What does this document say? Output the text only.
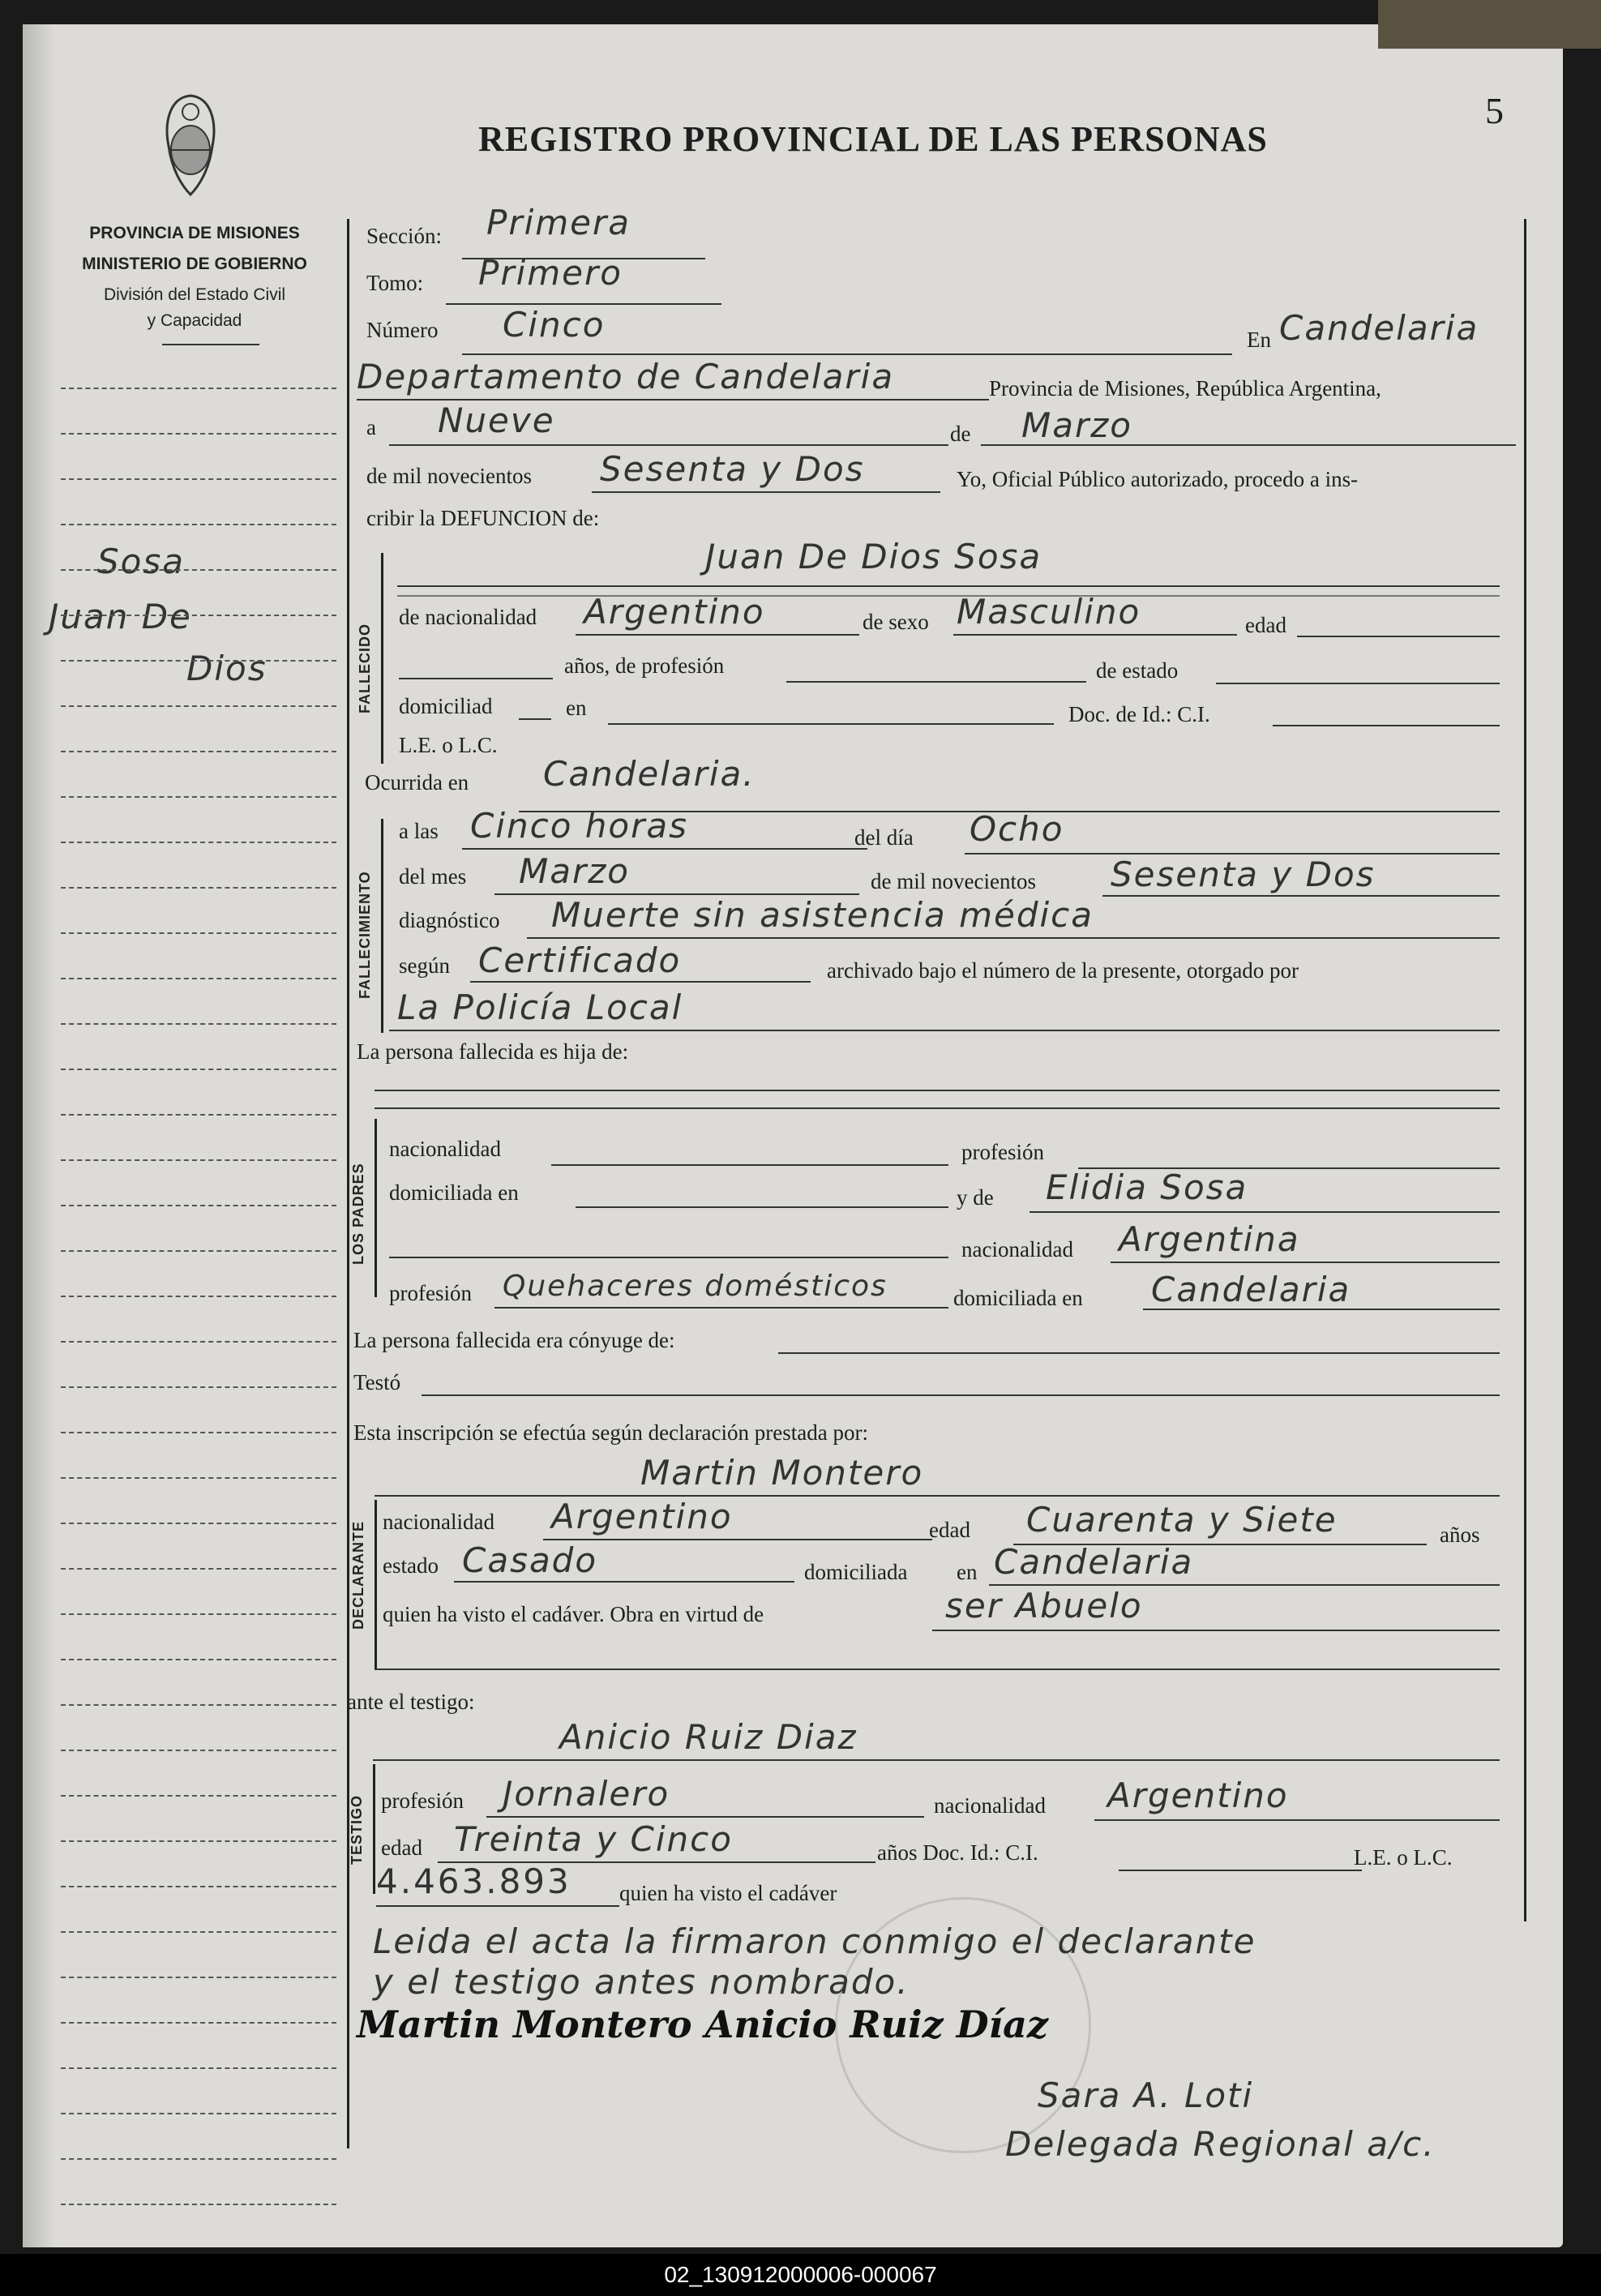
REGISTRO PROVINCIAL DE LAS PERSONAS
5
PROVINCIA DE MISIONES
MINISTERIO DE GOBIERNO
División del Estado Civil
y Capacidad
Sosa
Juan De
Dios
Sección: Primera
Tomo: Primero
Número Cinco	En Candelaria
Departamento de Candelaria	Provincia de Misiones, República Argentina,
a Nueve	de Marzo
de mil novecientos Sesenta y Dos	Yo, Oficial Público autorizado, procedo a ins-
cribir la DEFUNCION de:
FALLECIDO
Juan De Dios Sosa
de nacionalidad Argentino	de sexo Masculino	edad
años, de profesión	de estado
domiciliad	en	Doc. de Id.: C.I.
L.E. o L.C.
Ocurrida en Candelaria.
FALLECIMIENTO
a las Cinco horas	del día Ocho
del mes Marzo	de mil novecientos Sesenta y Dos
diagnóstico Muerte sin asistencia médica
según Certificado	archivado bajo el número de la presente, otorgado por
La Policía Local
La persona fallecida es hija de:
LOS PADRES
nacionalidad	profesión
domiciliada en	y de Elidia Sosa
nacionalidad Argentina
profesión Quehaceres domésticos	domiciliada en Candelaria
La persona fallecida era cónyuge de:
Testó
Esta inscripción se efectúa según declaración prestada por:
Martin Montero
DECLARANTE nacionalidad Argentino	edad Cuarenta y Siete	años
estado Casado	domiciliada en Candelaria
quien ha visto el cadáver. Obra en virtud de	ser Abuelo
ante el testigo:
Anicio Ruiz Diaz
TESTIGO profesión Jornalero	nacionalidad Argentino
edad Treinta y Cinco	años Doc. Id.: C.I.	L.E. o L.C.
4.463.893 quien ha visto el cadáver
Leida el acta la firmaron conmigo el declarante
y el testigo antes nombrado.
Martin Montero Anicio Ruiz Díaz
Sara A. Loti
Delegada Regional a/c.
02_130912000006-000067
